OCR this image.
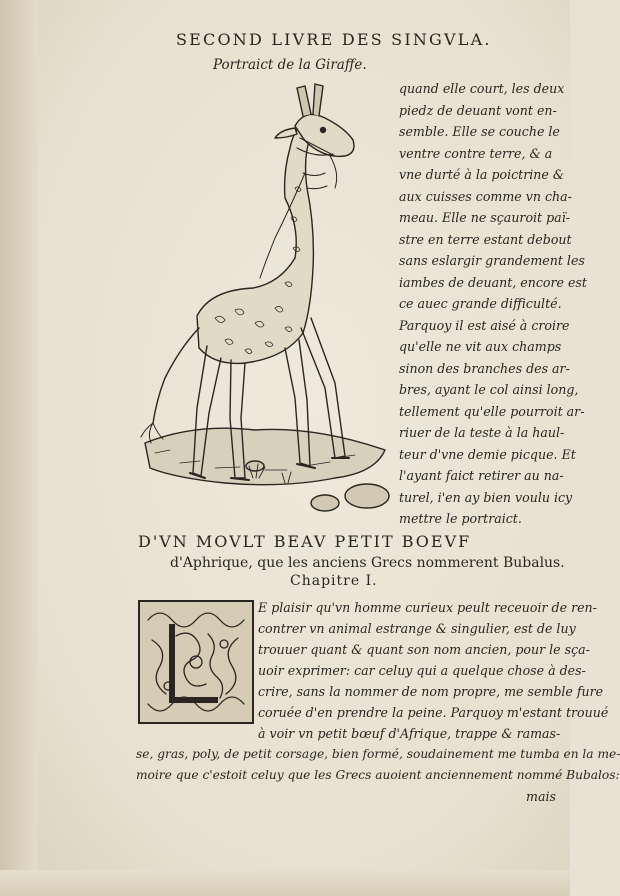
SECOND LIVRE DES SINGVLA.
Portraict de la Giraffe.
quand elle court, les deux
piedz de deuant vont en-
semble. Elle se couche le
ventre contre terre, & a
vne durté à la poictrine &
aux cuisses comme vn cha-
meau. Elle ne sçauroit paï-
stre en terre estant debout
sans eslargir grandement les
iambes de deuant, encore est
ce auec grande difficulté.
Parquoy il est aisé à croire
qu'elle ne vit aux champs
sinon des branches des ar-
bres, ayant le col ainsi long,
tellement qu'elle pourroit ar-
riuer de la teste à la haul-
teur d'vne demie picque. Et
l'ayant faict retirer au na-
turel, i'en ay bien voulu icy
mettre le portraict.
D'VN MOVLT BEAV PETIT BOEVF
d'Aphrique, que les anciens Grecs nommerent Bubalus.
Chapitre I.
E plaisir qu'vn homme curieux peult receuoir de ren-
contrer vn animal estrange & singulier, est de luy
trouuer quant & quant son nom ancien, pour le sça-
uoir exprimer: car celuy qui a quelque chose à des-
crire, sans la nommer de nom propre, me semble fure
coruée d'en prendre la peine. Parquoy m'estant trouué
à voir vn petit bœuf d'Afrique, trappe & ramas-
se, gras, poly, de petit corsage, bien formé, soudainement me tumba en la me-
moire que c'estoit celuy que les Grecs auoient anciennement nommé Bubalos:
mais
